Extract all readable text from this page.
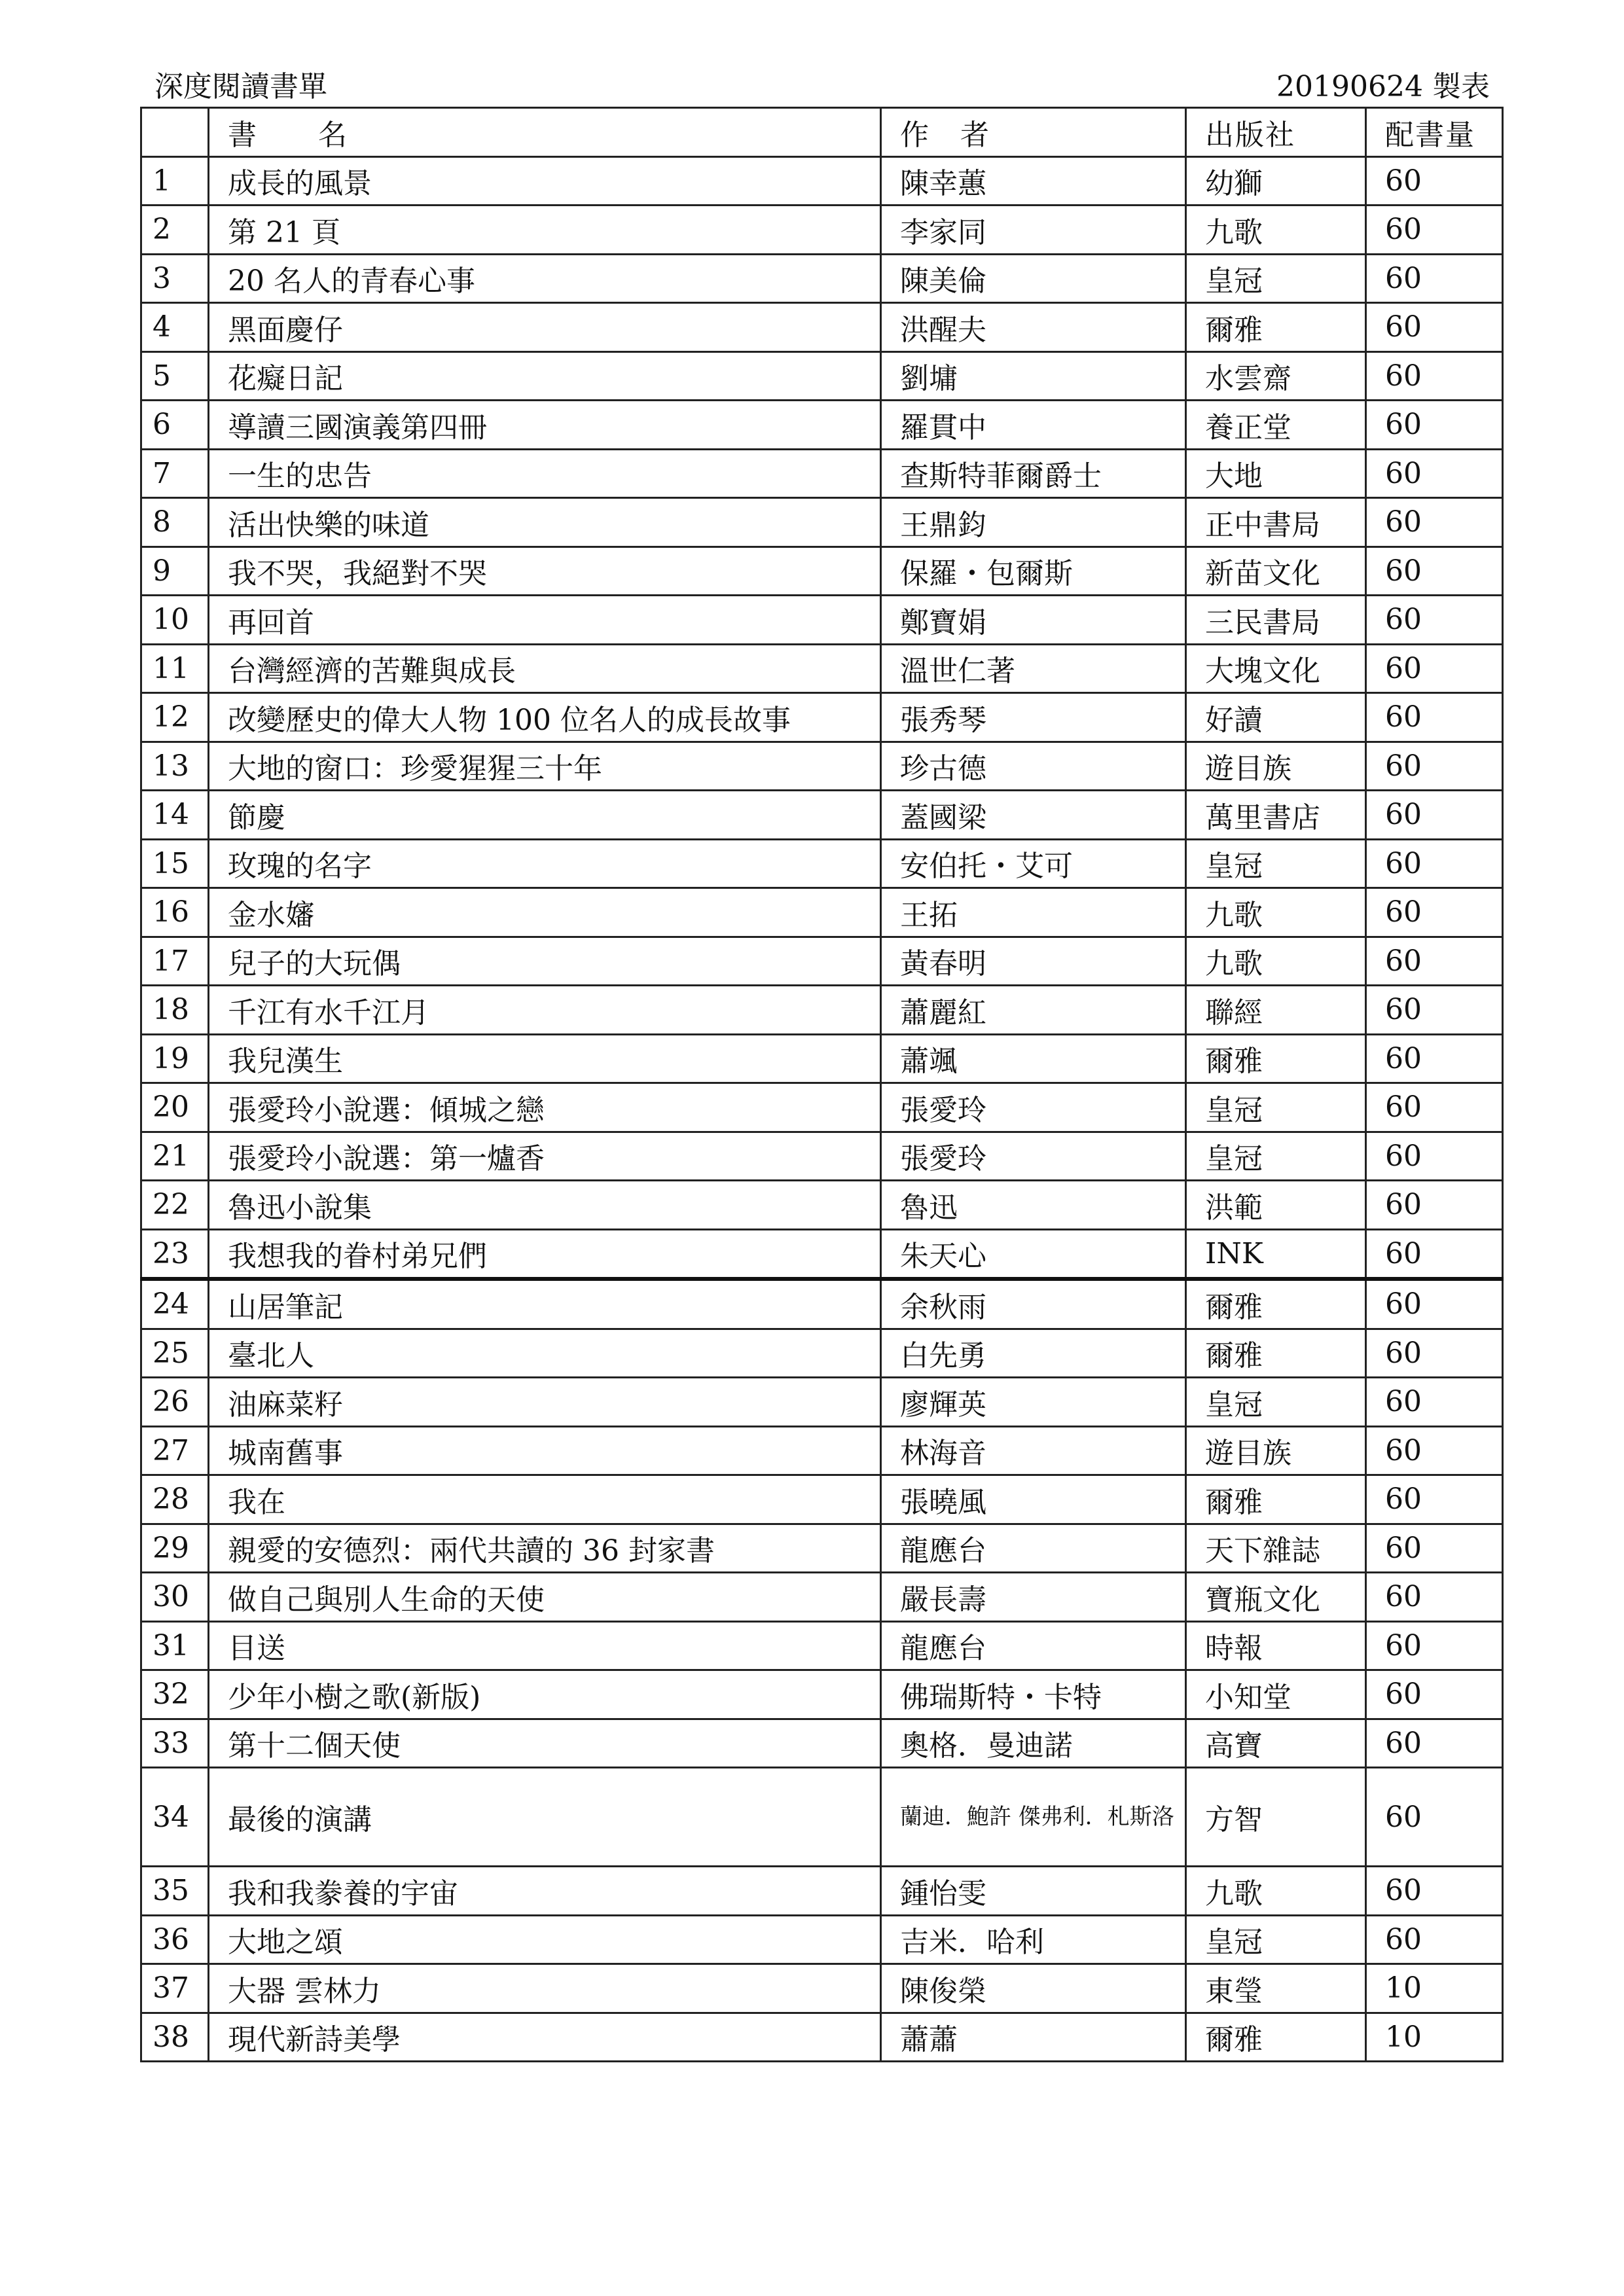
深度閱讀書單	20190624 製表
	書　　名	作　者	出版社	配書量
1	成長的風景	陳幸蕙	幼獅	60
2	第 21 頁	李家同	九歌	60
3	20 名人的青春心事	陳美倫	皇冠	60
4	黑面慶仔	洪醒夫	爾雅	60
5	花癡日記	劉墉	水雲齋	60
6	導讀三國演義第四冊	羅貫中	養正堂	60
7	一生的忠告	查斯特菲爾爵士	大地	60
8	活出快樂的味道	王鼎鈞	正中書局	60
9	我不哭，我絕對不哭	保羅・包爾斯	新苗文化	60
10	再回首	鄭寶娟	三民書局	60
11	台灣經濟的苦難與成長	溫世仁著	大塊文化	60
12	改變歷史的偉大人物 100 位名人的成長故事	張秀琴	好讀	60
13	大地的窗口：珍愛猩猩三十年	珍古德	遊目族	60
14	節慶	蓋國梁	萬里書店	60
15	玫瑰的名字	安伯托・艾可	皇冠	60
16	金水嬸	王拓	九歌	60
17	兒子的大玩偶	黃春明	九歌	60
18	千江有水千江月	蕭麗紅	聯經	60
19	我兒漢生	蕭颯	爾雅	60
20	張愛玲小說選：傾城之戀	張愛玲	皇冠	60
21	張愛玲小說選：第一爐香	張愛玲	皇冠	60
22	魯迅小說集	魯迅	洪範	60
23	我想我的眷村弟兄們	朱天心	INK	60
24	山居筆記	余秋雨	爾雅	60
25	臺北人	白先勇	爾雅	60
26	油麻菜籽	廖輝英	皇冠	60
27	城南舊事	林海音	遊目族	60
28	我在	張曉風	爾雅	60
29	親愛的安德烈：兩代共讀的 36 封家書	龍應台	天下雜誌	60
30	做自己與別人生命的天使	嚴長壽	寶瓶文化	60
31	目送	龍應台	時報	60
32	少年小樹之歌(新版)	佛瑞斯特・卡特	小知堂	60
33	第十二個天使	奧格．曼迪諾	高寶	60
34	最後的演講	蘭迪．鮑許 傑弗利．札斯洛	方智	60
35	我和我豢養的宇宙	鍾怡雯	九歌	60
36	大地之頌	吉米．哈利	皇冠	60
37	大器 雲林力	陳俊榮	東瑩	10
38	現代新詩美學	蕭蕭	爾雅	10
